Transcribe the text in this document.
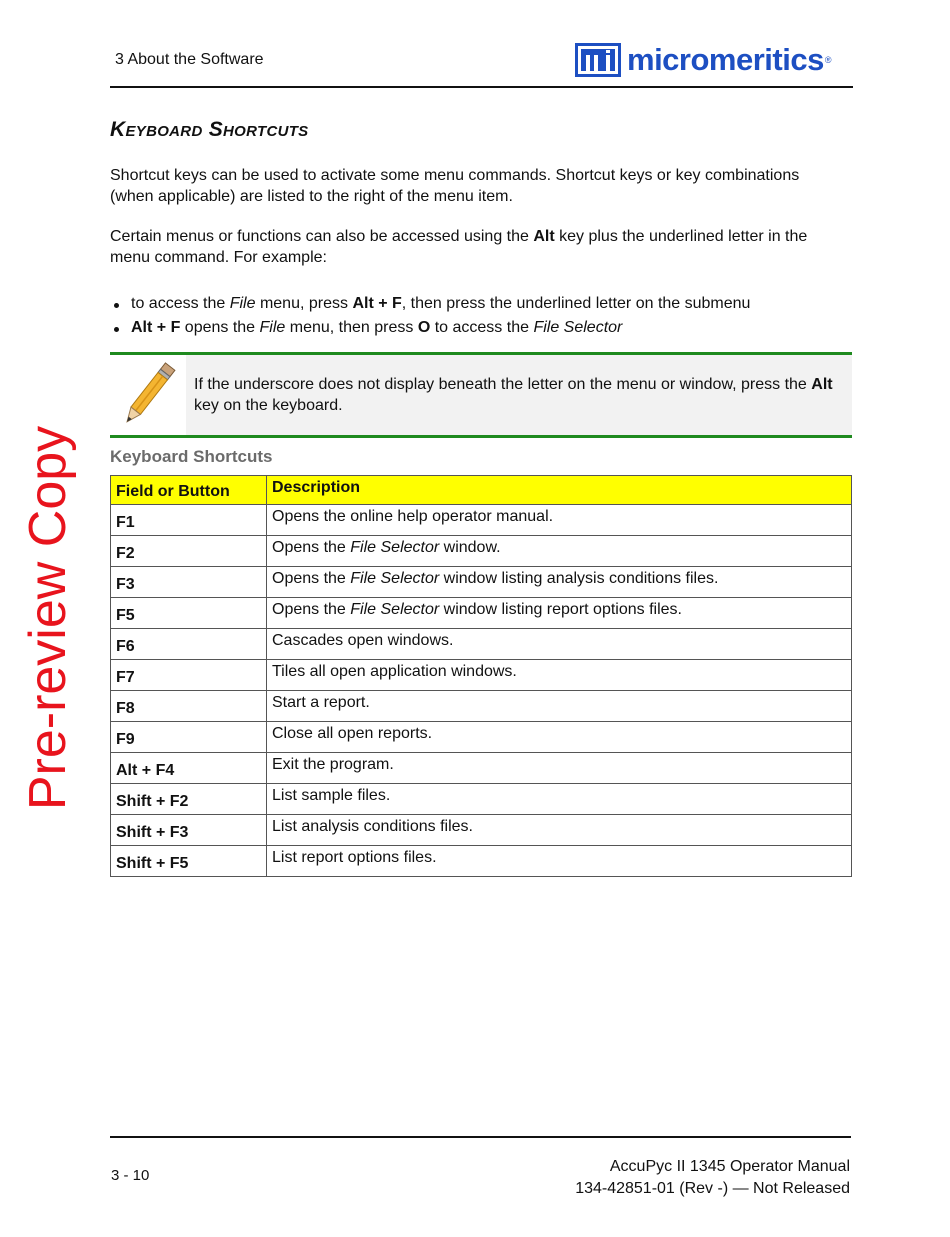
3 About the Software	micromeritics ®
Keyboard Shortcuts

Shortcut keys can be used to activate some menu commands. Shortcut keys or key combinations (when applicable) are listed to the right of the menu item.

Certain menus or functions can also be accessed using the Alt key plus the underlined letter in the menu command. For example:

to access the File menu, press Alt + F, then press the underlined letter on the submenu
Alt + F opens the File menu, then press O to access the File Selector
If the underscore does not display beneath the letter on the menu or window, press the Alt key on the keyboard.
Keyboard Shortcuts
Field or Button	Description
F1	Opens the online help operator manual.
F2	Opens the File Selector window.
F3	Opens the File Selector window listing analysis conditions files.
F5	Opens the File Selector window listing report options files.
F6	Cascades open windows.
F7	Tiles all open application windows.
F8	Start a report.
F9	Close all open reports.
Alt + F4	Exit the program.
Shift + F2	List sample files.
Shift + F3	List analysis conditions files.
Shift + F5	List report options files.
3 - 10
AccuPyc II 1345 Operator Manual
134-42851-01 (Rev -) — Not Released
Pre-review Copy
